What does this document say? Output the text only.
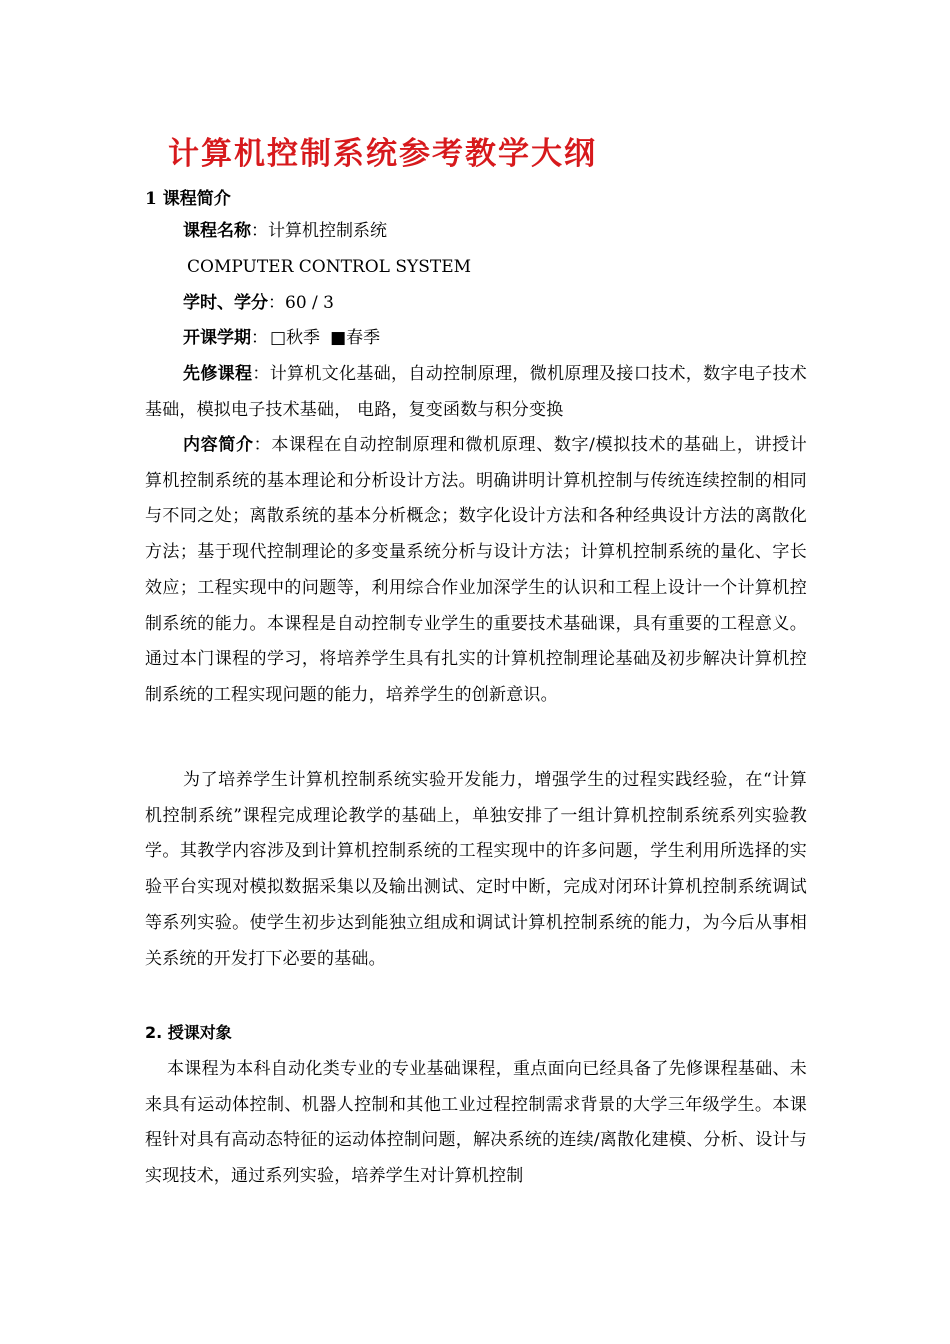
计算机控制系统参考教学大纲
1 课程简介
课程名称：计算机控制系统
COMPUTER CONTROL SYSTEM
学时、学分：60 / 3
开课学期： □秋季 ■春季
先修课程：计算机文化基础，自动控制原理，微机原理及接口技术，数字电子技术基础，模拟电子技术基础， 电路，复变函数与积分变换
内容简介：本课程在自动控制原理和微机原理、数字/模拟技术的基础上，讲授计算机控制系统的基本理论和分析设计方法。明确讲明计算机控制与传统连续控制的相同与不同之处；离散系统的基本分析概念；数字化设计方法和各种经典设计方法的离散化方法；基于现代控制理论的多变量系统分析与设计方法；计算机控制系统的量化、字长效应；工程实现中的问题等，利用综合作业加深学生的认识和工程上设计一个计算机控制系统的能力。本课程是自动控制专业学生的重要技术基础课，具有重要的工程意义。通过本门课程的学习，将培养学生具有扎实的计算机控制理论基础及初步解决计算机控制系统的工程实现问题的能力，培养学生的创新意识。
为了培养学生计算机控制系统实验开发能力，增强学生的过程实践经验，在“计算机控制系统”课程完成理论教学的基础上，单独安排了一组计算机控制系统系列实验教学。其教学内容涉及到计算机控制系统的工程实现中的许多问题，学生利用所选择的实验平台实现对模拟数据采集以及输出测试、定时中断，完成对闭环计算机控制系统调试等系列实验。使学生初步达到能独立组成和调试计算机控制系统的能力，为今后从事相关系统的开发打下必要的基础。
2. 授课对象
本课程为本科自动化类专业的专业基础课程，重点面向已经具备了先修课程基础、未来具有运动体控制、机器人控制和其他工业过程控制需求背景的大学三年级学生。本课程针对具有高动态特征的运动体控制问题，解决系统的连续/离散化建模、分析、设计与实现技术，通过系列实验，培养学生对计算机控制
